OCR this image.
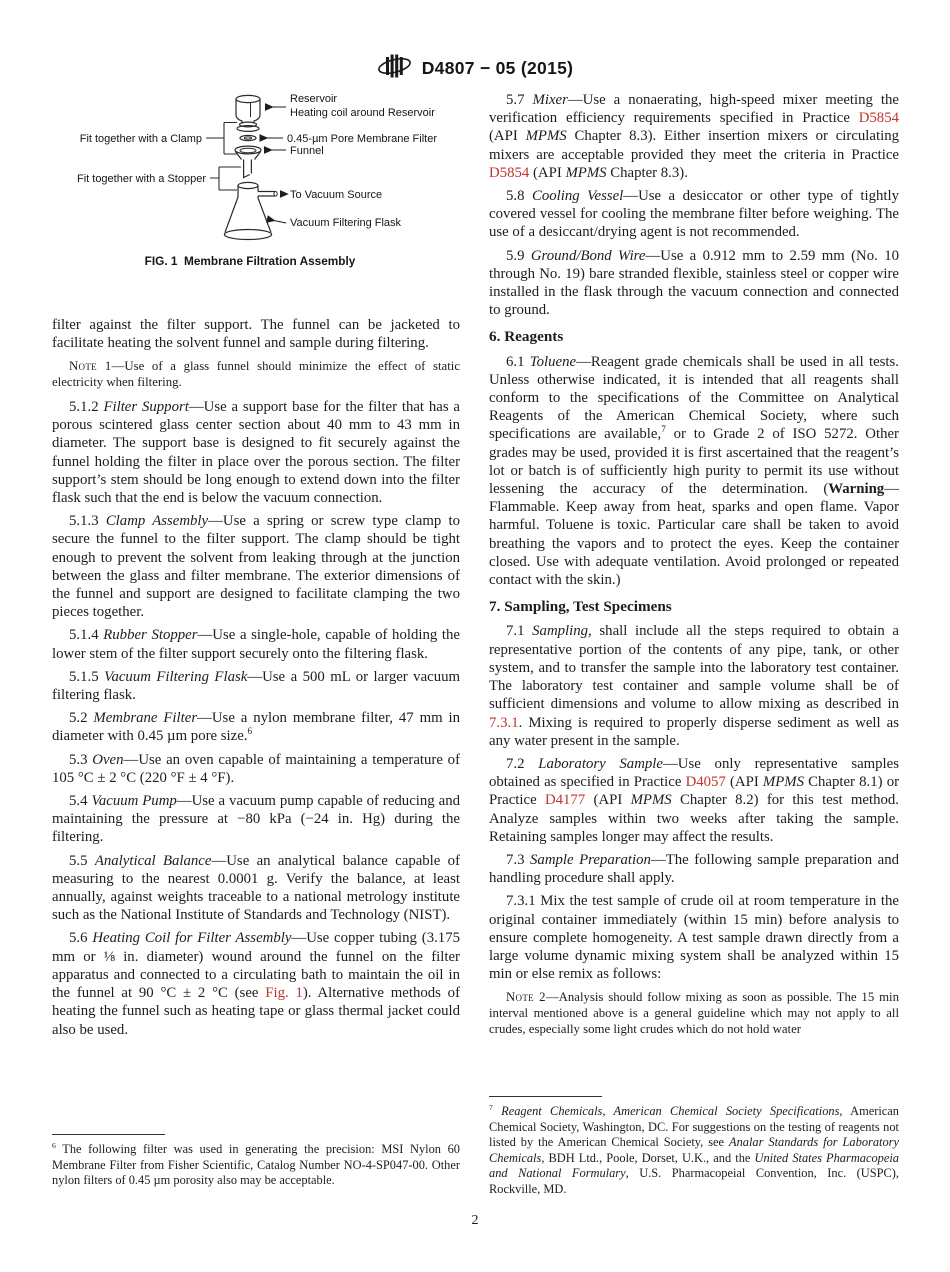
D4807 − 05 (2015)
Reservoir
Heating coil around Reservoir
0.45-µm Pore Membrane Filter
Funnel
To Vacuum Source
Vacuum Filtering Flask
Fit together with a Clamp
Fit together with a Stopper
FIG. 1  Membrane Filtration Assembly

filter against the filter support. The funnel can be jacketed to facilitate heating the solvent funnel and sample during filtering.

Note 1—Use of a glass funnel should minimize the effect of static electricity when filtering.

5.1.2 Filter Support—Use a support base for the filter that has a porous scintered glass center section about 40 mm to 43 mm in diameter. The support base is designed to fit securely against the funnel holding the filter in place over the porous section. The filter support’s stem should be long enough to extend down into the filter flask such that the end is below the vacuum connection.

5.1.3 Clamp Assembly—Use a spring or screw type clamp to secure the funnel to the filter support. The clamp should be tight enough to prevent the solvent from leaking through at the junction between the glass and filter membrane. The exterior dimensions of the funnel and support are designed to facilitate clamping the two pieces together.

5.1.4 Rubber Stopper—Use a single-hole, capable of holding the lower stem of the filter support securely onto the filtering flask.

5.1.5 Vacuum Filtering Flask—Use a 500 mL or larger vacuum filtering flask.

5.2 Membrane Filter—Use a nylon membrane filter, 47 mm in diameter with 0.45 µm pore size.$^6$

5.3 Oven—Use an oven capable of maintaining a temperature of 105 °C ± 2 °C (220 °F ± 4 °F).

5.4 Vacuum Pump—Use a vacuum pump capable of reducing and maintaining the pressure at −80 kPa (−24 in. Hg) during the filtering.

5.5 Analytical Balance—Use an analytical balance capable of measuring to the nearest 0.0001 g. Verify the balance, at least annually, against weights traceable to a national metrology institute such as the National Institute of Standards and Technology (NIST).

5.6 Heating Coil for Filter Assembly—Use copper tubing (3.175 mm or ⅛ in. diameter) wound around the funnel on the filter apparatus and connected to a circulating bath to maintain the oil in the funnel at 90 °C ± 2 °C (see Fig. 1). Alternative methods of heating the funnel such as heating tape or glass thermal jacket could also be used.

5.7 Mixer—Use a nonaerating, high-speed mixer meeting the verification efficiency requirements specified in Practice D5854 (API MPMS Chapter 8.3). Either insertion mixers or circulating mixers are acceptable provided they meet the criteria in Practice D5854 (API MPMS Chapter 8.3).

5.8 Cooling Vessel—Use a desiccator or other type of tightly covered vessel for cooling the membrane filter before weighing. The use of a desiccant/drying agent is not recommended.

5.9 Ground/Bond Wire—Use a 0.912 mm to 2.59 mm (No. 10 through No. 19) bare stranded flexible, stainless steel or copper wire installed in the flask through the vacuum connection and connected to ground.

6. Reagents

6.1 Toluene—Reagent grade chemicals shall be used in all tests. Unless otherwise indicated, it is intended that all reagents shall conform to the specifications of the Committee on Analytical Reagents of the American Chemical Society, where such specifications are available,$^7$ or to Grade 2 of ISO 5272. Other grades may be used, provided it is first ascertained that the reagent’s lot or batch is of sufficiently high purity to permit its use without lessening the accuracy of the determination. (Warning—Flammable. Keep away from heat, sparks and open flame. Vapor harmful. Toluene is toxic. Particular care shall be taken to avoid breathing the vapors and to protect the eyes. Keep the container closed. Use with adequate ventilation. Avoid prolonged or repeated contact with the skin.)

7. Sampling, Test Specimens

7.1 Sampling, shall include all the steps required to obtain a representative portion of the contents of any pipe, tank, or other system, and to transfer the sample into the laboratory test container. The laboratory test container and sample volume shall be of sufficient dimensions and volume to allow mixing as described in 7.3.1. Mixing is required to properly disperse sediment as well as any water present in the sample.

7.2 Laboratory Sample—Use only representative samples obtained as specified in Practice D4057 (API MPMS Chapter 8.1) or Practice D4177 (API MPMS Chapter 8.2) for this test method. Analyze samples within two weeks after taking the sample. Retaining samples longer may affect the results.

7.3 Sample Preparation—The following sample preparation and handling procedure shall apply.

7.3.1 Mix the test sample of crude oil at room temperature in the original container immediately (within 15 min) before analysis to ensure complete homogeneity. A test sample drawn directly from a large volume dynamic mixing system shall be analyzed within 15 min or else remix as follows:

Note 2—Analysis should follow mixing as soon as possible. The 15 min interval mentioned above is a general guideline which may not apply to all crudes, especially some light crudes which do not hold water

$^6$ The following filter was used in generating the precision: MSI Nylon 60 Membrane Filter from Fisher Scientific, Catalog Number NO-4-SP047-00. Other nylon filters of 0.45 µm porosity also may be acceptable.

$^7$ Reagent Chemicals, American Chemical Society Specifications, American Chemical Society, Washington, DC. For suggestions on the testing of reagents not listed by the American Chemical Society, see Analar Standards for Laboratory Chemicals, BDH Ltd., Poole, Dorset, U.K., and the United States Pharmacopeia and National Formulary, U.S. Pharmacopeial Convention, Inc. (USPC), Rockville, MD.

2
